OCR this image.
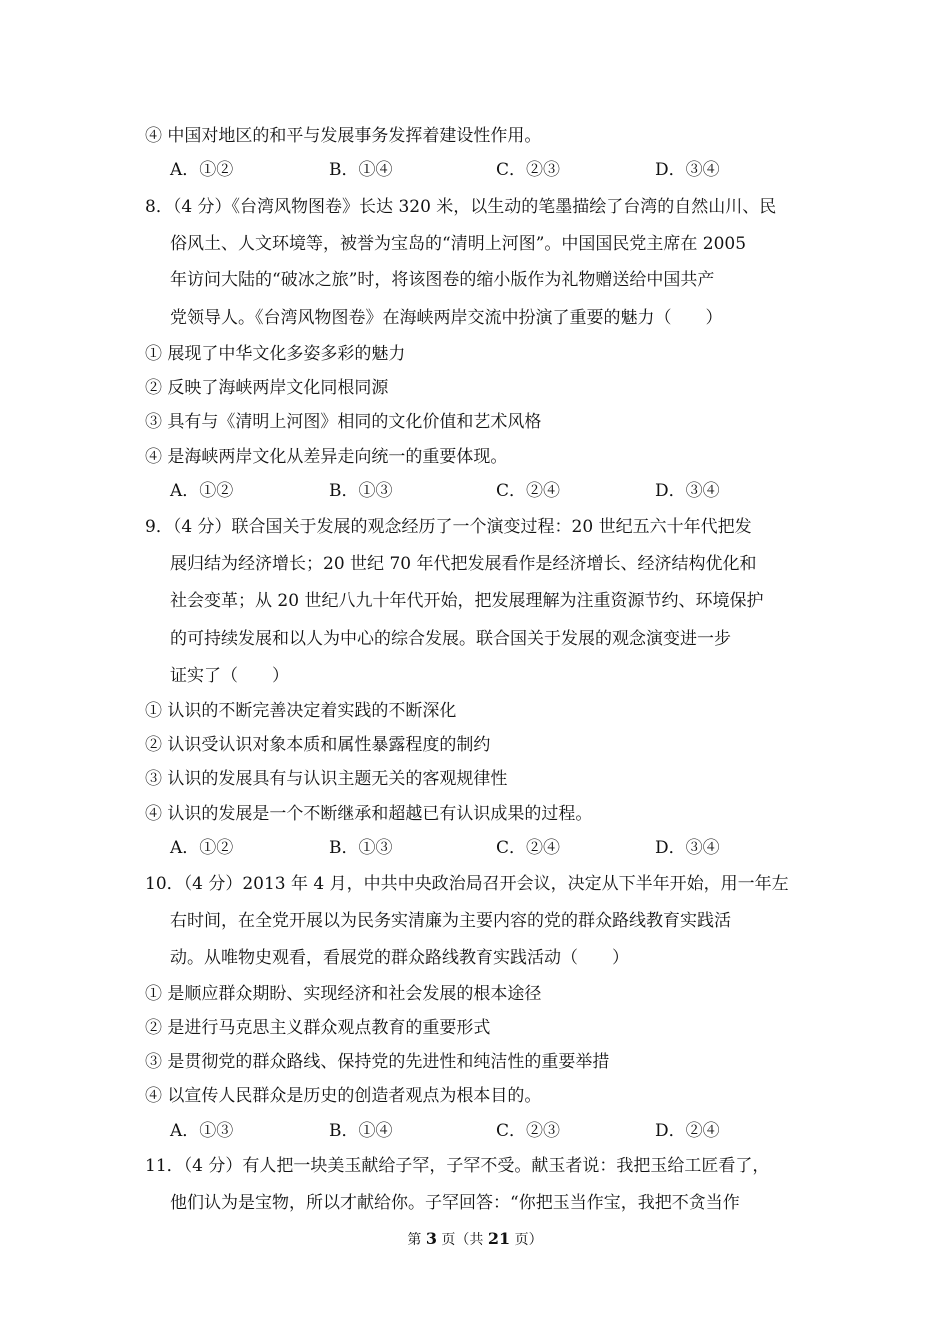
④ 中国对地区的和平与发展事务发挥着建设性作用。
A．①②	B．①④	C．②③	D．③④
8．（4 分）《台湾风物图卷》长达 320 米，以生动的笔墨描绘了台湾的自然山川、民
俗风土、人文环境等，被誉为宝岛的“清明上河图”。中国国民党主席在 2005
年访问大陆的“破冰之旅”时，将该图卷的缩小版作为礼物赠送给中国共产
党领导人。《台湾风物图卷》在海峡两岸交流中扮演了重要的魅力（　　）
① 展现了中华文化多姿多彩的魅力
② 反映了海峡两岸文化同根同源
③ 具有与《清明上河图》相同的文化价值和艺术风格
④ 是海峡两岸文化从差异走向统一的重要体现。
A．①②	B．①③	C．②④	D．③④
9．（4 分）联合国关于发展的观念经历了一个演变过程：20 世纪五六十年代把发
展归结为经济增长；20 世纪 70 年代把发展看作是经济增长、经济结构优化和
社会变革；从 20 世纪八九十年代开始，把发展理解为注重资源节约、环境保护
的可持续发展和以人为中心的综合发展。联合国关于发展的观念演变进一步
证实了（　　）
① 认识的不断完善决定着实践的不断深化
② 认识受认识对象本质和属性暴露程度的制约
③ 认识的发展具有与认识主题无关的客观规律性
④ 认识的发展是一个不断继承和超越已有认识成果的过程。
A．①②	B．①③	C．②④	D．③④
10．（4 分）2013 年 4 月，中共中央政治局召开会议，决定从下半年开始，用一年左
右时间，在全党开展以为民务实清廉为主要内容的党的群众路线教育实践活
动。从唯物史观看，看展党的群众路线教育实践活动（　　）
① 是顺应群众期盼、实现经济和社会发展的根本途径
② 是进行马克思主义群众观点教育的重要形式
③ 是贯彻党的群众路线、保持党的先进性和纯洁性的重要举措
④ 以宣传人民群众是历史的创造者观点为根本目的。
A．①③	B．①④	C．②③	D．②④
11．（4 分）有人把一块美玉献给子罕，子罕不受。献玉者说：我把玉给工匠看了，
他们认为是宝物，所以才献给你。子罕回答：“你把玉当作宝，我把不贪当作
第 3 页（共 21 页）
